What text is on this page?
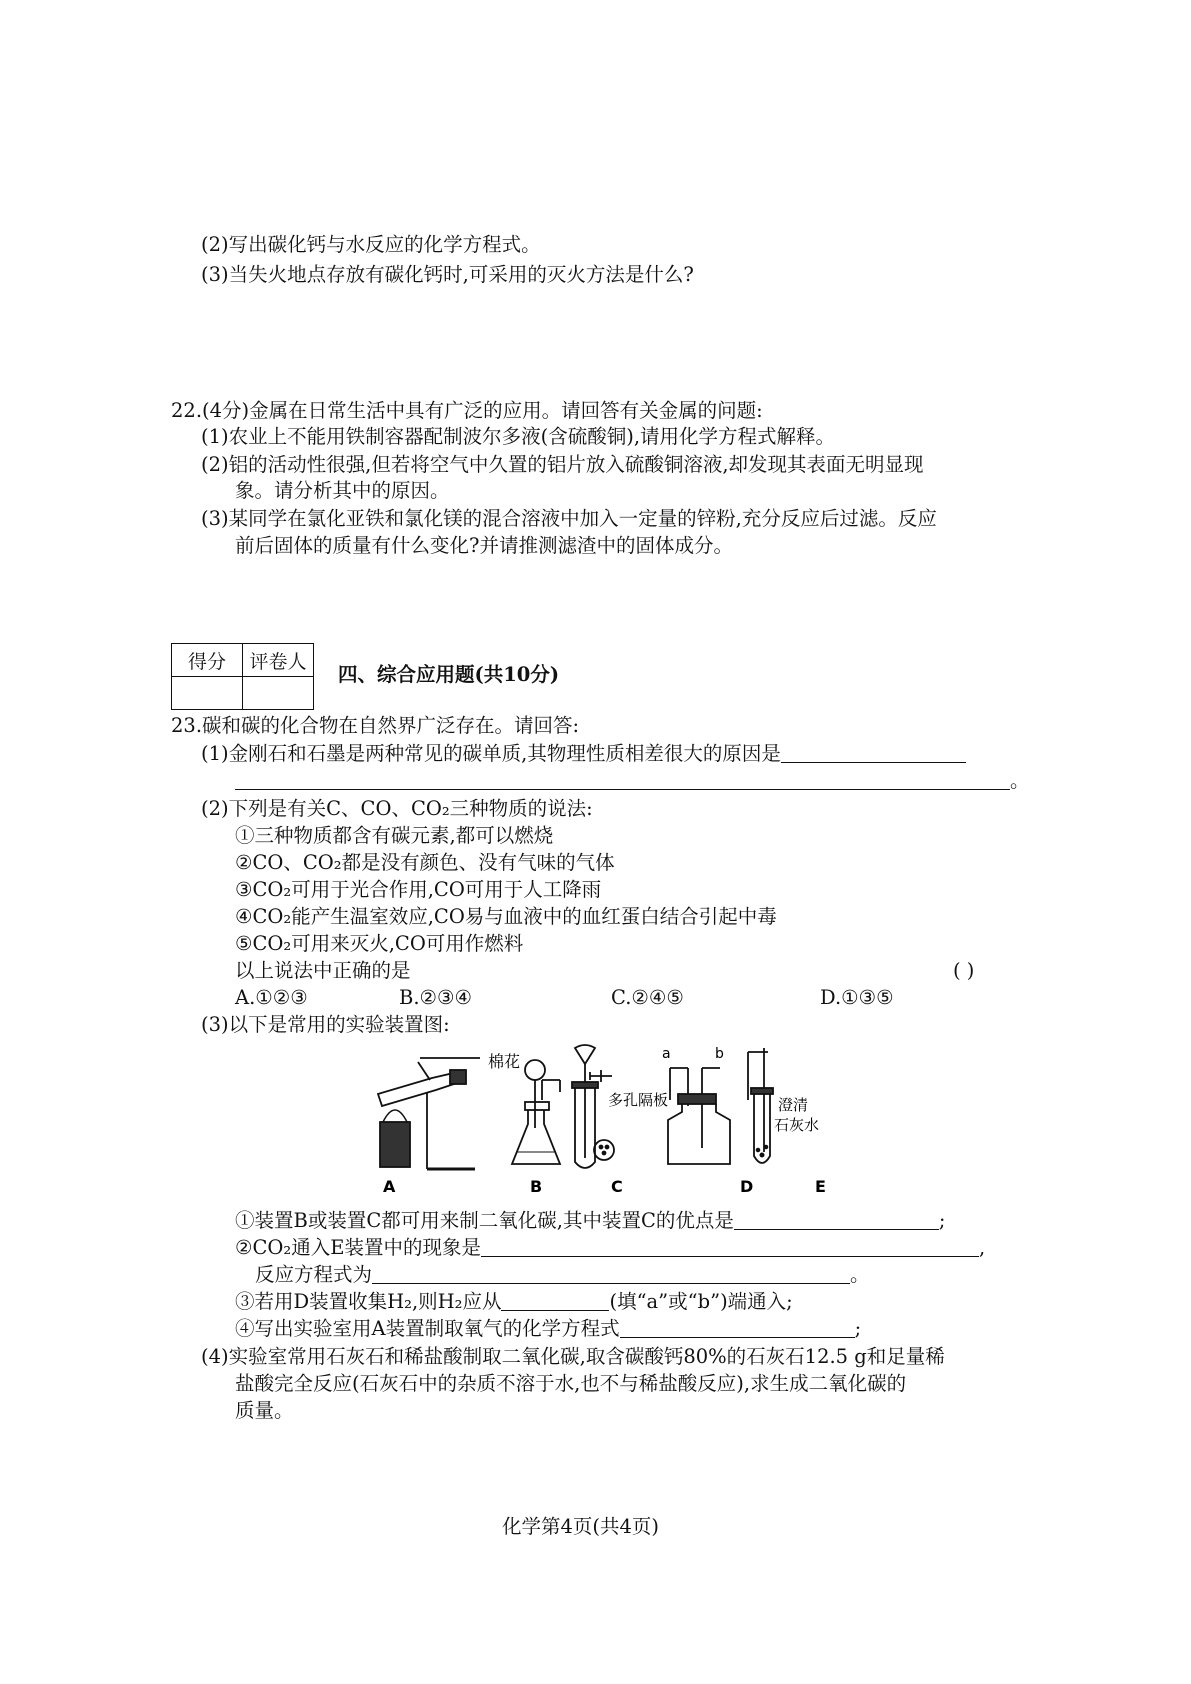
(2)写出碳化钙与水反应的化学方程式。
(3)当失火地点存放有碳化钙时,可采用的灭火方法是什么?
22.(4分)金属在日常生活中具有广泛的应用。请回答有关金属的问题:
(1)农业上不能用铁制容器配制波尔多液(含硫酸铜),请用化学方程式解释。
(2)铝的活动性很强,但若将空气中久置的铝片放入硫酸铜溶液,却发现其表面无明显现
象。请分析其中的原因。
(3)某同学在氯化亚铁和氯化镁的混合溶液中加入一定量的锌粉,充分反应后过滤。反应
前后固体的质量有什么变化?并请推测滤渣中的固体成分。
得分	评卷人

四、综合应用题(共10分)
23.碳和碳的化合物在自然界广泛存在。请回答:
(1)金刚石和石墨是两种常见的碳单质,其物理性质相差很大的原因是
。
(2)下列是有关C、CO、CO₂三种物质的说法:
①三种物质都含有碳元素,都可以燃烧
②CO、CO₂都是没有颜色、没有气味的气体
③CO₂可用于光合作用,CO可用于人工降雨
④CO₂能产生温室效应,CO易与血液中的血红蛋白结合引起中毒
⑤CO₂可用来灭火,CO可用作燃料
以上说法中正确的是	( )
A.①②③	B.②③④	C.②④⑤	D.①③⑤
(3)以下是常用的实验装置图:
棉花
多孔隔板
a	b
澄清
石灰水
A	B	C	D	E
①装置B或装置C都可用来制二氧化碳,其中装置C的优点是	;
②CO₂通入E装置中的现象是	,
反应方程式为	。
③若用D装置收集H₂,则H₂应从	(填“a”或“b”)端通入;
④写出实验室用A装置制取氧气的化学方程式	;
(4)实验室常用石灰石和稀盐酸制取二氧化碳,取含碳酸钙80%的石灰石12.5 g和足量稀
盐酸完全反应(石灰石中的杂质不溶于水,也不与稀盐酸反应),求生成二氧化碳的
质量。
化学第4页(共4页)
